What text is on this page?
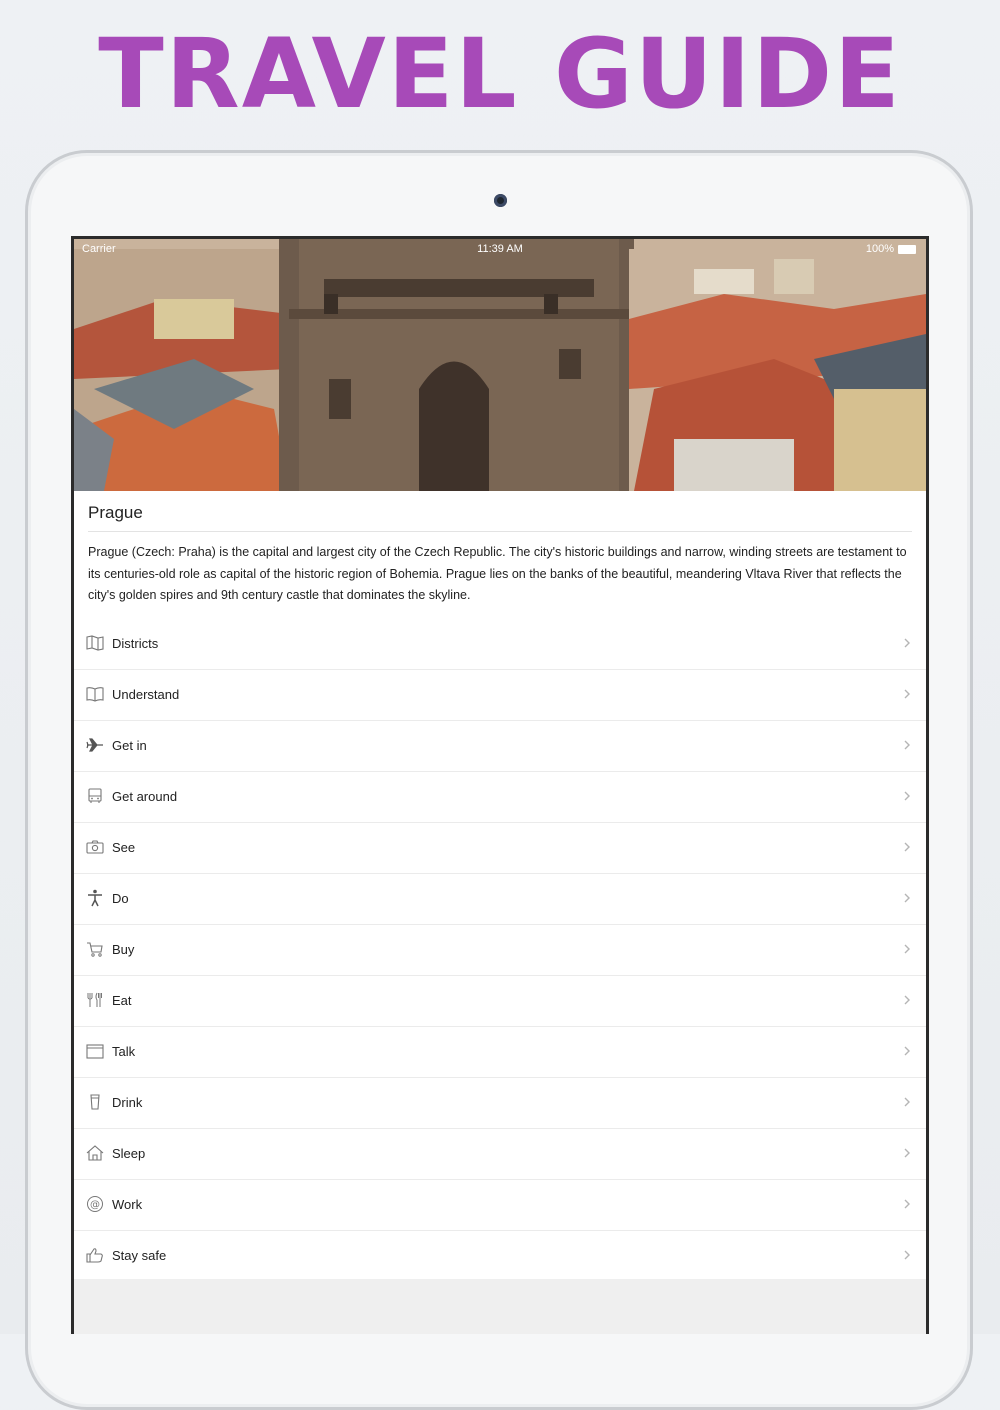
TRAVEL GUIDE
Carrier	11:39 AM	100%
Prague
Prague (Czech: Praha) is the capital and largest city of the Czech Republic. The city's historic buildings and narrow, winding streets are testament to its centuries-old role as capital of the historic region of Bohemia. Prague lies on the banks of the beautiful, meandering Vltava River that reflects the city's golden spires and 9th century castle that dominates the skyline.
Districts
Understand
Get in
Get around
See
Do
Buy
Eat
Talk
Drink
Sleep
@ Work
Stay safe
